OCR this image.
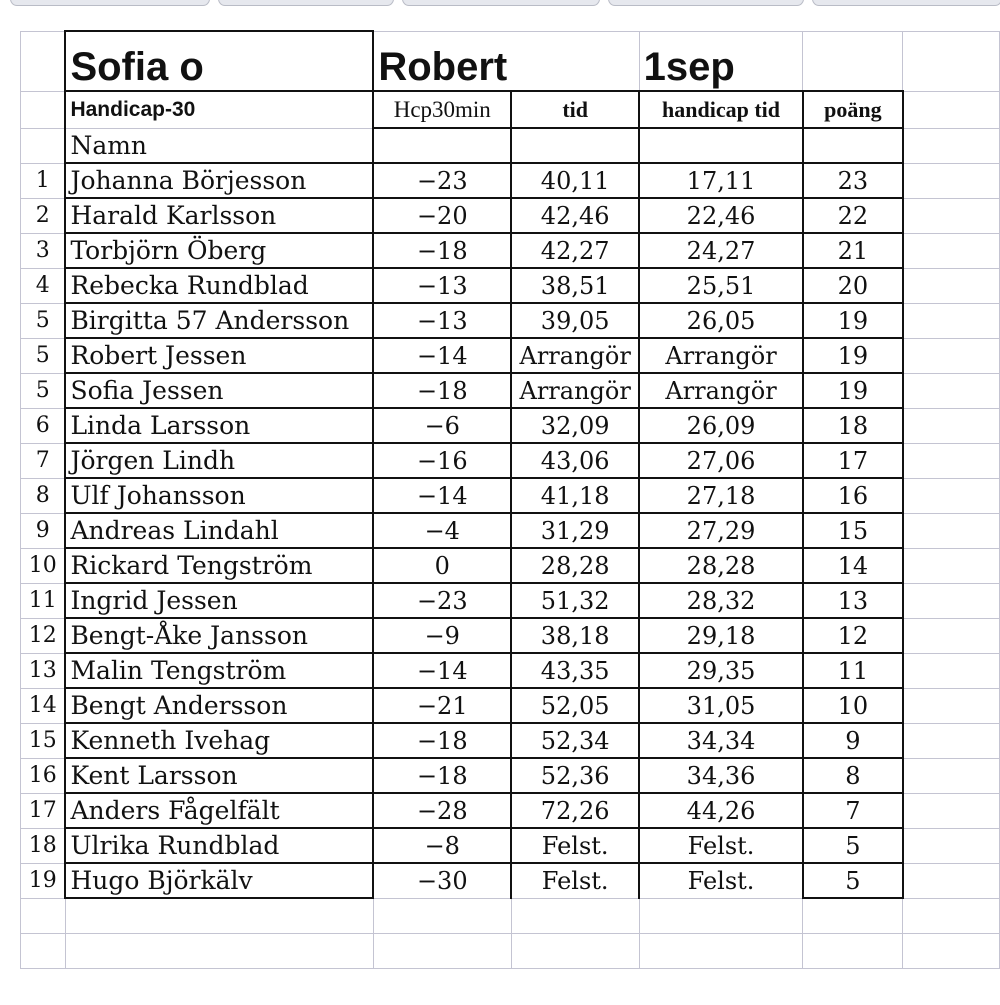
	Sofia o	Robert		1sep		
	Handicap-30	Hcp30min	tid	handicap tid	poäng	
	Namn					
1	Johanna Börjesson	−23	40,11	17,11	23	
2	Harald Karlsson	−20	42,46	22,46	22	
3	Torbjörn Öberg	−18	42,27	24,27	21	
4	Rebecka Rundblad	−13	38,51	25,51	20	
5	Birgitta 57 Andersson	−13	39,05	26,05	19	
5	Robert Jessen	−14	Arrangör	Arrangör	19	
5	Sofia Jessen	−18	Arrangör	Arrangör	19	
6	Linda Larsson	−6	32,09	26,09	18	
7	Jörgen Lindh	−16	43,06	27,06	17	
8	Ulf Johansson	−14	41,18	27,18	16	
9	Andreas Lindahl	−4	31,29	27,29	15	
10	Rickard Tengström	0	28,28	28,28	14	
11	Ingrid Jessen	−23	51,32	28,32	13	
12	Bengt-Åke Jansson	−9	38,18	29,18	12	
13	Malin Tengström	−14	43,35	29,35	11	
14	Bengt Andersson	−21	52,05	31,05	10	
15	Kenneth Ivehag	−18	52,34	34,34	9	
16	Kent Larsson	−18	52,36	34,36	8	
17	Anders Fågelfält	−28	72,26	44,26	7	
18	Ulrika Rundblad	−8	Felst.	Felst.	5	
19	Hugo Björkälv	−30	Felst.	Felst.	5	
